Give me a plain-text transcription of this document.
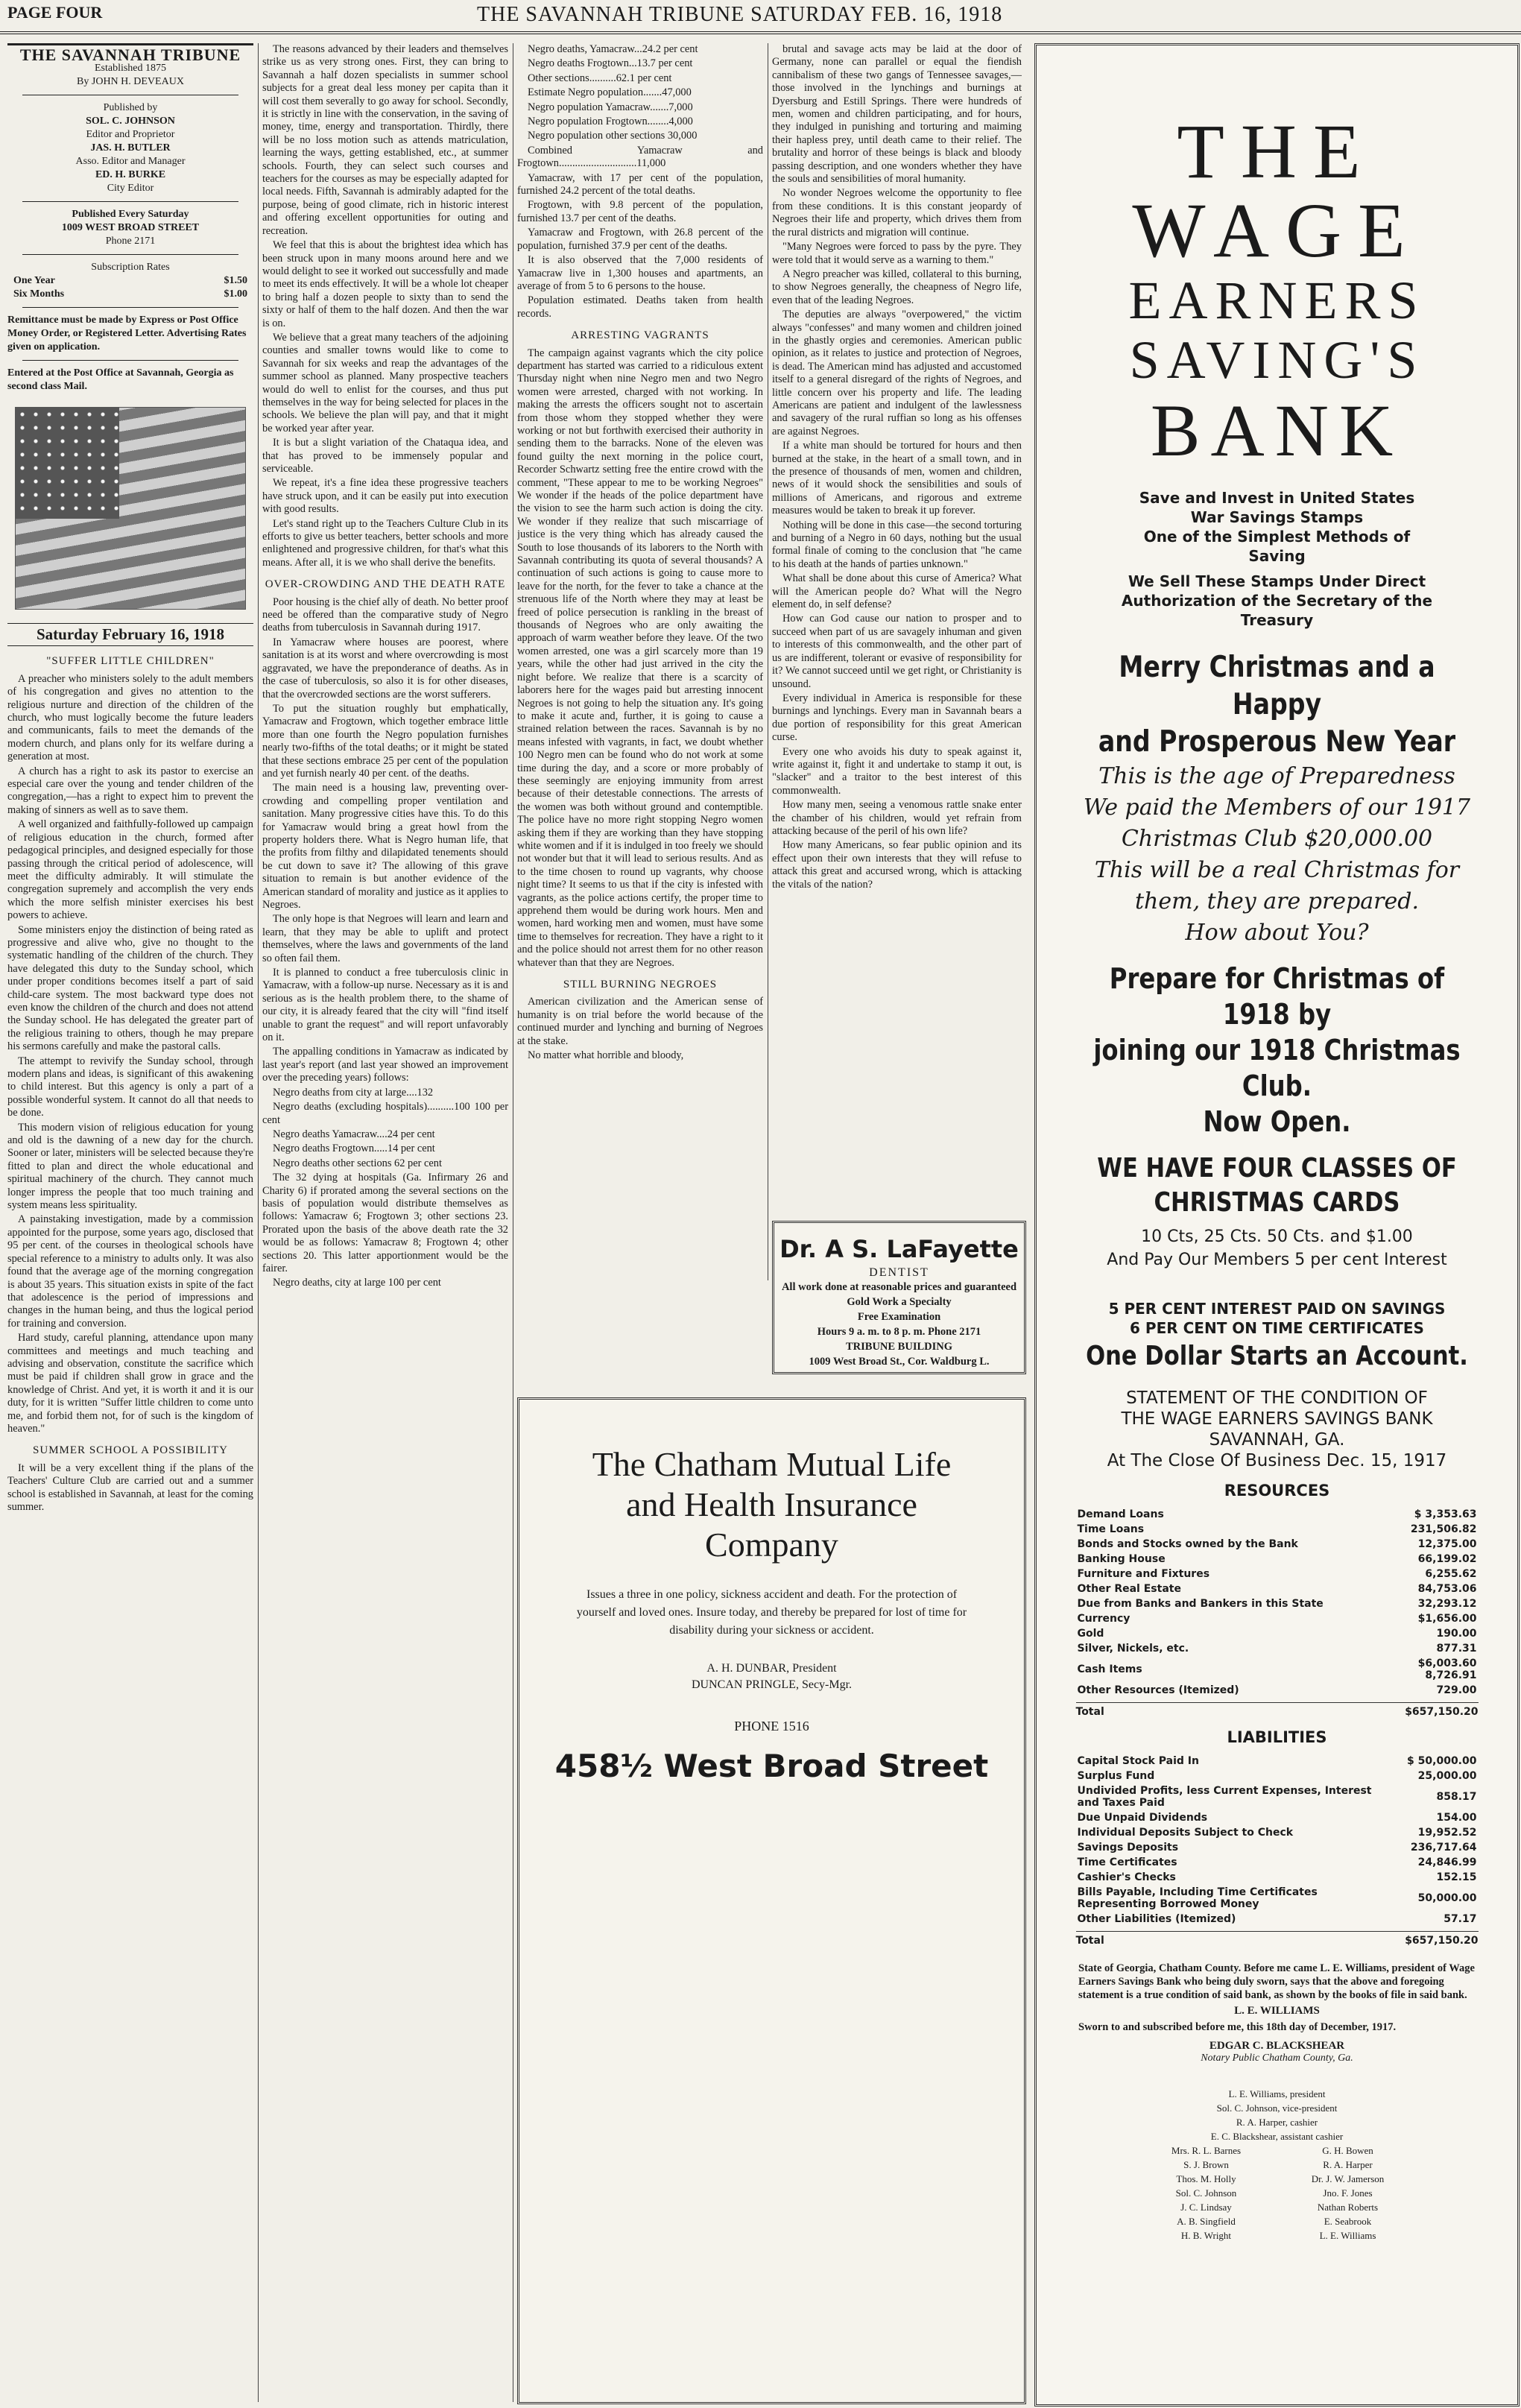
PAGE FOUR	THE SAVANNAH TRIBUNE SATURDAY FEB. 16, 1918
THE SAVANNAH TRIBUNE
Established 1875
By JOHN H. DEVEAUX
Published by
SOL. C. JOHNSON
Editor and Proprietor
JAS. H. BUTLER
Asso. Editor and Manager
ED. H. BURKE
City Editor
Published Every Saturday
1009 WEST BROAD STREET
Phone 2171
Subscription Rates
One Year	$1.50
Six Months	$1.00
Remittance must be made by Express or Post Office Money Order, or Registered Letter. Advertising Rates given on application.
Entered at the Post Office at Savannah, Georgia as second class Mail.
Saturday February 16, 1918
"SUFFER LITTLE CHILDREN"

A preacher who ministers solely to the adult members of his congregation and gives no attention to the religious nurture and direction of the children of the church, who must logically become the future leaders and communicants, fails to meet the demands of the modern church, and plans only for its welfare during a generation at most.

A church has a right to ask its pastor to exercise an especial care over the young and tender children of the congregation,—has a right to expect him to prevent the making of sinners as well as to save them.

A well organized and faithfully-followed up campaign of religious education in the church, formed after pedagogical principles, and designed especially for those passing through the critical period of adolescence, will meet the difficulty admirably. It will stimulate the congregation supremely and accomplish the very ends which the more selfish minister exercises his best powers to achieve.

Some ministers enjoy the distinction of being rated as progressive and alive who, give no thought to the systematic handling of the children of the church. They have delegated this duty to the Sunday school, which under proper conditions becomes itself a part of said child-care system. The most backward type does not even know the children of the church and does not attend the Sunday school. He has delegated the greater part of the religious training to others, though he may prepare his sermons carefully and make the pastoral calls.

The attempt to revivify the Sunday school, through modern plans and ideas, is significant of this awakening to child interest. But this agency is only a part of a possible wonderful system. It cannot do all that needs to be done.

This modern vision of religious education for young and old is the dawning of a new day for the church. Sooner or later, ministers will be selected because they're fitted to plan and direct the whole educational and spiritual machinery of the church. They cannot much longer impress the people that too much training and system means less spirituality.

A painstaking investigation, made by a commission appointed for the purpose, some years ago, disclosed that 95 per cent. of the courses in theological schools have special reference to a ministry to adults only. It was also found that the average age of the morning congregation is about 35 years. This situation exists in spite of the fact that adolescence is the period of impressions and changes in the human being, and thus the logical period for training and conversion.

Hard study, careful planning, attendance upon many committees and meetings and much teaching and advising and observation, constitute the sacrifice which must be paid if children shall grow in grace and the knowledge of Christ. And yet, it is worth it and it is our duty, for it is written "Suffer little children to come unto me, and forbid them not, for of such is the kingdom of heaven."

SUMMER SCHOOL A POSSIBILITY

It will be a very excellent thing if the plans of the Teachers' Culture Club are carried out and a summer school is established in Savannah, at least for the coming summer.

The reasons advanced by their leaders and themselves strike us as very strong ones. First, they can bring to Savannah a half dozen specialists in summer school subjects for a great deal less money per capita than it will cost them severally to go away for school. Secondly, it is strictly in line with the conservation, in the saving of money, time, energy and transportation. Thirdly, there will be no loss motion such as attends matriculation, learning the ways, getting established, etc., at summer schools. Fourth, they can select such courses and teachers for the courses as may be especially adapted for local needs. Fifth, Savannah is admirably adapted for the purpose, being of good climate, rich in historic interest and offering excellent opportunities for outing and recreation.

We feel that this is about the brightest idea which has been struck upon in many moons around here and we would delight to see it worked out successfully and made to meet its ends effectively. It will be a whole lot cheaper to bring half a dozen people to sixty than to send the sixty or half of them to the half dozen. And then the war is on.

We believe that a great many teachers of the adjoining counties and smaller towns would like to come to Savannah for six weeks and reap the advantages of the summer school as planned. Many prospective teachers would do well to enlist for the courses, and thus put themselves in the way for being selected for places in the schools. We believe the plan will pay, and that it might be worked year after year.

It is but a slight variation of the Chataqua idea, and that has proved to be immensely popular and serviceable.

We repeat, it's a fine idea these progressive teachers have struck upon, and it can be easily put into execution with good results.

Let's stand right up to the Teachers Culture Club in its efforts to give us better teachers, better schools and more enlightened and progressive children, for that's what this means. After all, it is we who shall derive the benefits.

OVER-CROWDING AND THE DEATH RATE

Poor housing is the chief ally of death. No better proof need be offered than the comparative study of Negro deaths from tuberculosis in Savannah during 1917.

In Yamacraw where houses are poorest, where sanitation is at its worst and where overcrowding is most aggravated, we have the preponderance of deaths. As in the case of tuberculosis, so also it is for other diseases, that the overcrowded sections are the worst sufferers.

To put the situation roughly but emphatically, Yamacraw and Frogtown, which together embrace little more than one fourth the Negro population furnishes nearly two-fifths of the total deaths; or it might be stated that these sections embrace 25 per cent of the population and yet furnish nearly 40 per cent. of the deaths.

The main need is a housing law, preventing over-crowding and compelling proper ventilation and sanitation. Many progressive cities have this. To do this for Yamacraw would bring a great howl from the property holders there. What is Negro human life, that the profits from filthy and dilapidated tenements should be cut down to save it? The allowing of this grave situation to remain is but another evidence of the American standard of morality and justice as it applies to Negroes.

The only hope is that Negroes will learn and learn and learn, that they may be able to uplift and protect themselves, where the laws and governments of the land so often fail them.

It is planned to conduct a free tuberculosis clinic in Yamacraw, with a follow-up nurse. Necessary as it is and serious as is the health problem there, to the shame of our city, it is already feared that the city will "find itself unable to grant the request" and will report unfavorably on it.

The appalling conditions in Yamacraw as indicated by last year's report (and last year showed an improvement over the preceding years) follows:

Negro deaths from city at large....132

Negro deaths (excluding hospitals)..........100 100 per cent

Negro deaths Yamacraw....24 per cent

Negro deaths Frogtown.....14 per cent

Negro deaths other sections 62 per cent

The 32 dying at hospitals (Ga. Infirmary 26 and Charity 6) if prorated among the several sections on the basis of population would distribute themselves as follows: Yamacraw 6; Frogtown 3; other sections 23. Prorated upon the basis of the above death rate the 32 would be as follows: Yamacraw 8; Frogtown 4; other sections 20. This latter apportionment would be the fairer.

Negro deaths, city at large 100 per cent

Negro deaths, Yamacraw...24.2 per cent

Negro deaths Frogtown...13.7 per cent

Other sections..........62.1 per cent

Estimate Negro population.......47,000

Negro population Yamacraw.......7,000

Negro population Frogtown........4,000

Negro population other sections 30,000

Combined Yamacraw and Frogtown.............................11,000

Yamacraw, with 17 per cent of the population, furnished 24.2 percent of the total deaths.

Frogtown, with 9.8 percent of the population, furnished 13.7 per cent of the deaths.

Yamacraw and Frogtown, with 26.8 percent of the population, furnished 37.9 per cent of the deaths.

It is also observed that the 7,000 residents of Yamacraw live in 1,300 houses and apartments, an average of from 5 to 6 persons to the house.

Population estimated. Deaths taken from health records.

ARRESTING VAGRANTS

The campaign against vagrants which the city police department has started was carried to a ridiculous extent Thursday night when nine Negro men and two Negro women were arrested, charged with not working. In making the arrests the officers sought not to ascertain from those whom they stopped whether they were working or not but forthwith exercised their authority in sending them to the barracks. None of the eleven was found guilty the next morning in the police court, Recorder Schwartz setting free the entire crowd with the comment, "These appear to me to be working Negroes" We wonder if the heads of the police department have the vision to see the harm such action is doing the city. We wonder if they realize that such miscarriage of justice is the very thing which has already caused the South to lose thousands of its laborers to the North with Savannah contributing its quota of several thousands? A continuation of such actions is going to cause more to leave for the north, for the fever to take a chance at the strenuous life of the North where they may at least be freed of police persecution is rankling in the breast of thousands of Negroes who are only awaiting the approach of warm weather before they leave. Of the two women arrested, one was a girl scarcely more than 19 years, while the other had just arrived in the city the night before. We realize that there is a scarcity of laborers here for the wages paid but arresting innocent Negroes is not going to help the situation any. It's going to make it acute and, further, it is going to cause a strained relation between the races. Savannah is by no means infested with vagrants, in fact, we doubt whether 100 Negro men can be found who do not work at some time during the day, and a score or more probably of these seemingly are enjoying immunity from arrest because of their detestable connections. The arrests of the women was both without ground and contemptible. The police have no more right stopping Negro women asking them if they are working than they have stopping white women and if it is indulged in too freely we should not wonder but that it will lead to serious results. And as to the time chosen to round up vagrants, why choose night time? It seems to us that if the city is infested with vagrants, as the police actions certify, the proper time to apprehend them would be during work hours. Men and women, hard working men and women, must have some time to themselves for recreation. They have a right to it and the police should not arrest them for no other reason whatever than that they are Negroes.

STILL BURNING NEGROES

American civilization and the American sense of humanity is on trial before the world because of the continued murder and lynching and burning of Negroes at the stake.

No matter what horrible and bloody,

brutal and savage acts may be laid at the door of Germany, none can parallel or equal the fiendish cannibalism of these two gangs of Tennessee savages,—those involved in the lynchings and burnings at Dyersburg and Estill Springs. There were hundreds of men, women and children participating, and for hours, they indulged in punishing and torturing and maiming their hapless prey, until death came to their relief. The brutality and horror of these beings is black and bloody passing description, and one wonders whether they have the souls and sensibilities of moral humanity.

No wonder Negroes welcome the opportunity to flee from these conditions. It is this constant jeopardy of Negroes their life and property, which drives them from the rural districts and migration will continue.

"Many Negroes were forced to pass by the pyre. They were told that it would serve as a warning to them."

A Negro preacher was killed, collateral to this burning, to show Negroes generally, the cheapness of Negro life, even that of the leading Negroes.

The deputies are always "overpowered," the victim always "confesses" and many women and children joined in the ghastly orgies and ceremonies. American public opinion, as it relates to justice and protection of Negroes, is dead. The American mind has adjusted and accustomed itself to a general disregard of the rights of Negroes, and little concern over his property and life. The leading Americans are patient and indulgent of the lawlessness and savagery of the rural ruffian so long as his offenses are against Negroes.

If a white man should be tortured for hours and then burned at the stake, in the heart of a small town, and in the presence of thousands of men, women and children, news of it would shock the sensibilities and souls of millions of Americans, and rigorous and extreme measures would be taken to break it up forever.

Nothing will be done in this case—the second torturing and burning of a Negro in 60 days, nothing but the usual formal finale of coming to the conclusion that "he came to his death at the hands of parties unknown."

What shall be done about this curse of America? What will the American people do? What will the Negro element do, in self defense?

How can God cause our nation to prosper and to succeed when part of us are savagely inhuman and given to interests of this commonwealth, and the other part of us are indifferent, tolerant or evasive of responsibility for it? We cannot succeed until we get right, or Christianity is unsound.

Every individual in America is responsible for these burnings and lynchings. Every man in Savannah bears a due portion of responsibility for this great American curse.

Every one who avoids his duty to speak against it, write against it, fight it and undertake to stamp it out, is "slacker" and a traitor to the best interest of this commonwealth.

How many men, seeing a venomous rattle snake enter the chamber of his children, would yet refrain from attacking because of the peril of his own life?

How many Americans, so fear public opinion and its effect upon their own interests that they will refuse to attack this great and accursed wrong, which is attacking the vitals of the nation?

Dr. A S. LaFayette
DENTIST
All work done at reasonable prices and guaranteed
Gold Work a Specialty
Free Examination
Hours 9 a. m. to 8 p. m. Phone 2171
TRIBUNE BUILDING
1009 West Broad St., Cor. Waldburg L.
The Chatham Mutual Life
and Health Insurance
Company
Issues a three in one policy, sickness accident and death. For the protection of yourself and loved ones. Insure today, and thereby be prepared for lost of time for disability during your sickness or accident.
A. H. DUNBAR, President
DUNCAN PRINGLE, Secy-Mgr.
PHONE 1516
458½ West Broad Street
THE WAGE
EARNERS
SAVING'S
BANK
Save and Invest in United States
War Savings Stamps
One of the Simplest Methods of
Saving
We Sell These Stamps Under Direct Authorization of the Secretary of the Treasury
Merry Christmas and a Happy
and Prosperous New Year
This is the age of Preparedness
We paid the Members of our 1917
Christmas Club $20,000.00
This will be a real Christmas for
them, they are prepared.
How about You?
Prepare for Christmas of 1918 by
joining our 1918 Christmas Club.
Now Open.
WE HAVE FOUR CLASSES OF
CHRISTMAS CARDS
10 Cts, 25 Cts. 50 Cts. and $1.00
And Pay Our Members 5 per cent Interest
5 PER CENT INTEREST PAID ON SAVINGS
6 PER CENT ON TIME CERTIFICATES
One Dollar Starts an Account.
STATEMENT OF THE CONDITION OF
THE WAGE EARNERS SAVINGS BANK
SAVANNAH, GA.
At The Close Of Business Dec. 15, 1917
RESOURCES
Demand Loans	$ 3,353.63
Time Loans	231,506.82
Bonds and Stocks owned by the Bank	12,375.00
Banking House	66,199.02
Furniture and Fixtures	6,255.62
Other Real Estate	84,753.06
Due from Banks and Bankers in this State	32,293.12
Currency	$1,656.00
Gold	190.00
Silver, Nickels, etc.	877.31
Cash Items	$6,003.60 8,726.91
Other Resources (Itemized)	729.00
Total	$657,150.20
LIABILITIES
Capital Stock Paid In	$ 50,000.00
Surplus Fund	25,000.00
Undivided Profits, less Current Expenses, Interest and Taxes Paid	858.17
Due Unpaid Dividends	154.00
Individual Deposits Subject to Check	19,952.52
Savings Deposits	236,717.64
Time Certificates	24,846.99
Cashier's Checks	152.15
Bills Payable, Including Time Certificates Representing Borrowed Money	50,000.00
Other Liabilities (Itemized)	57.17
Total	$657,150.20
State of Georgia, Chatham County. Before me came L. E. Williams, president of Wage Earners Savings Bank who being duly sworn, says that the above and foregoing statement is a true condition of said bank, as shown by the books of file in said bank.
L. E. WILLIAMS
Sworn to and subscribed before me, this 18th day of December, 1917.
EDGAR C. BLACKSHEAR
Notary Public Chatham County, Ga.
L. E. Williams, president
Sol. C. Johnson, vice-president
R. A. Harper, cashier
E. C. Blackshear, assistant cashier
Mrs. R. L. Barnes	G. H. Bowen
S. J. Brown	R. A. Harper
Thos. M. Holly	Dr. J. W. Jamerson
Sol. C. Johnson	Jno. F. Jones
J. C. Lindsay	Nathan Roberts
A. B. Singfield	E. Seabrook
H. B. Wright	L. E. Williams
